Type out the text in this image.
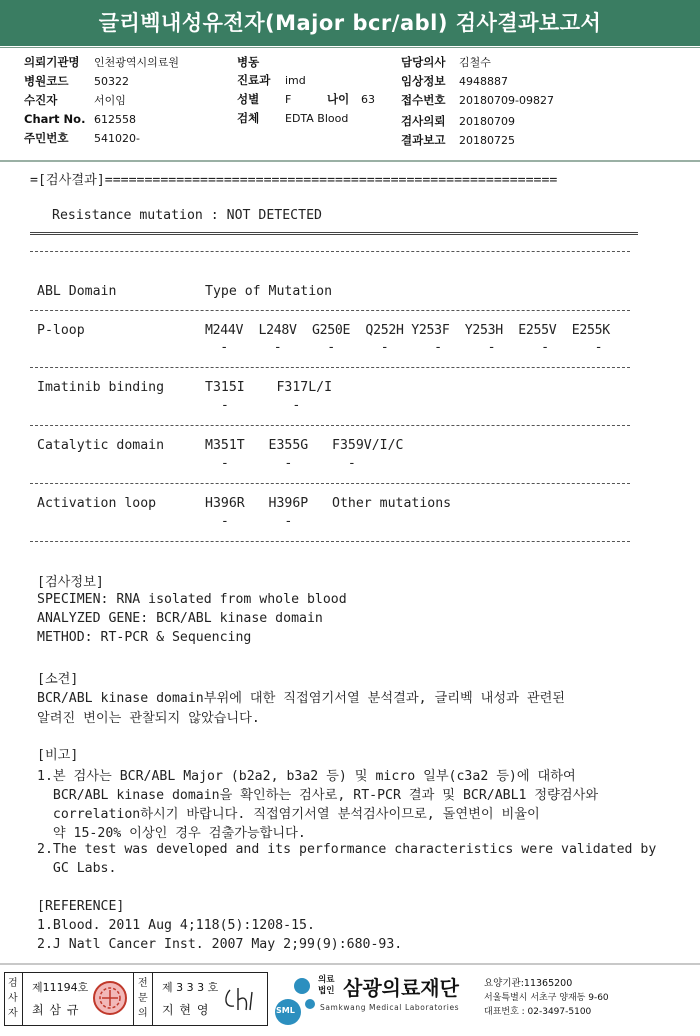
글리벡내성유전자(Major bcr/abl) 검사결과보고서
의뢰기관명 인천광역시의료원
병원코드 50322
수진자	서이임
Chart No. 612558
주민번호 541020-
병동
진료과 imd
성별 F	나이 63
검체 EDTA Blood
담당의사 김철수
임상정보 4948887
접수번호 20180709-09827
검사의뢰 20180709
결과보고 20180725
=[검사결과]=========================================================
Resistance mutation : NOT DETECTED
ABL Domain	Type of Mutation
P-loop	M244V  L248V  G250E  Q252H Y253F  Y253H  E255V  E255K
-      -      -      -      -      -      -      -
Imatinib binding	T315I    F317L/I
-        -
Catalytic domain	M351T   E355G   F359V/I/C
-       -       -
Activation loop	H396R   H396P   Other mutations
-       -
[검사정보]
SPECIMEN: RNA isolated from whole blood
ANALYZED GENE: BCR/ABL kinase domain
METHOD: RT-PCR & Sequencing
[소견]
BCR/ABL kinase domain부위에 대한 직접염기서열 분석결과, 글리벡 내성과 관련된
알려진 변이는 관찰되지 않았습니다.
[비고]
1.본 검사는 BCR/ABL Major (b2a2, b3a2 등) 및 micro 일부(c3a2 등)에 대하여
BCR/ABL kinase domain을 확인하는 검사로, RT-PCR 결과 및 BCR/ABL1 정량검사와
correlation하시기 바랍니다. 직접염기서열 분석검사이므로, 돌연변이 비율이
약 15-20% 이상인 경우 검출가능합니다.
2.The test was developed and its performance characteristics were validated by
GC Labs.
[REFERENCE]
1.Blood. 2011 Aug 4;118(5):1208-15.
2.J Natl Cancer Inst. 2007 May 2;99(9):680-93.
검사자
제11194호
최 삼 규
전문의
제 3 3 3 호
지 현 영	SML
의료법인 삼광의료재단
Samkwang Medical Laboratories
요양기관:11365200
서울특별시 서초구 양재동 9-60
대표번호 : 02-3497-5100
